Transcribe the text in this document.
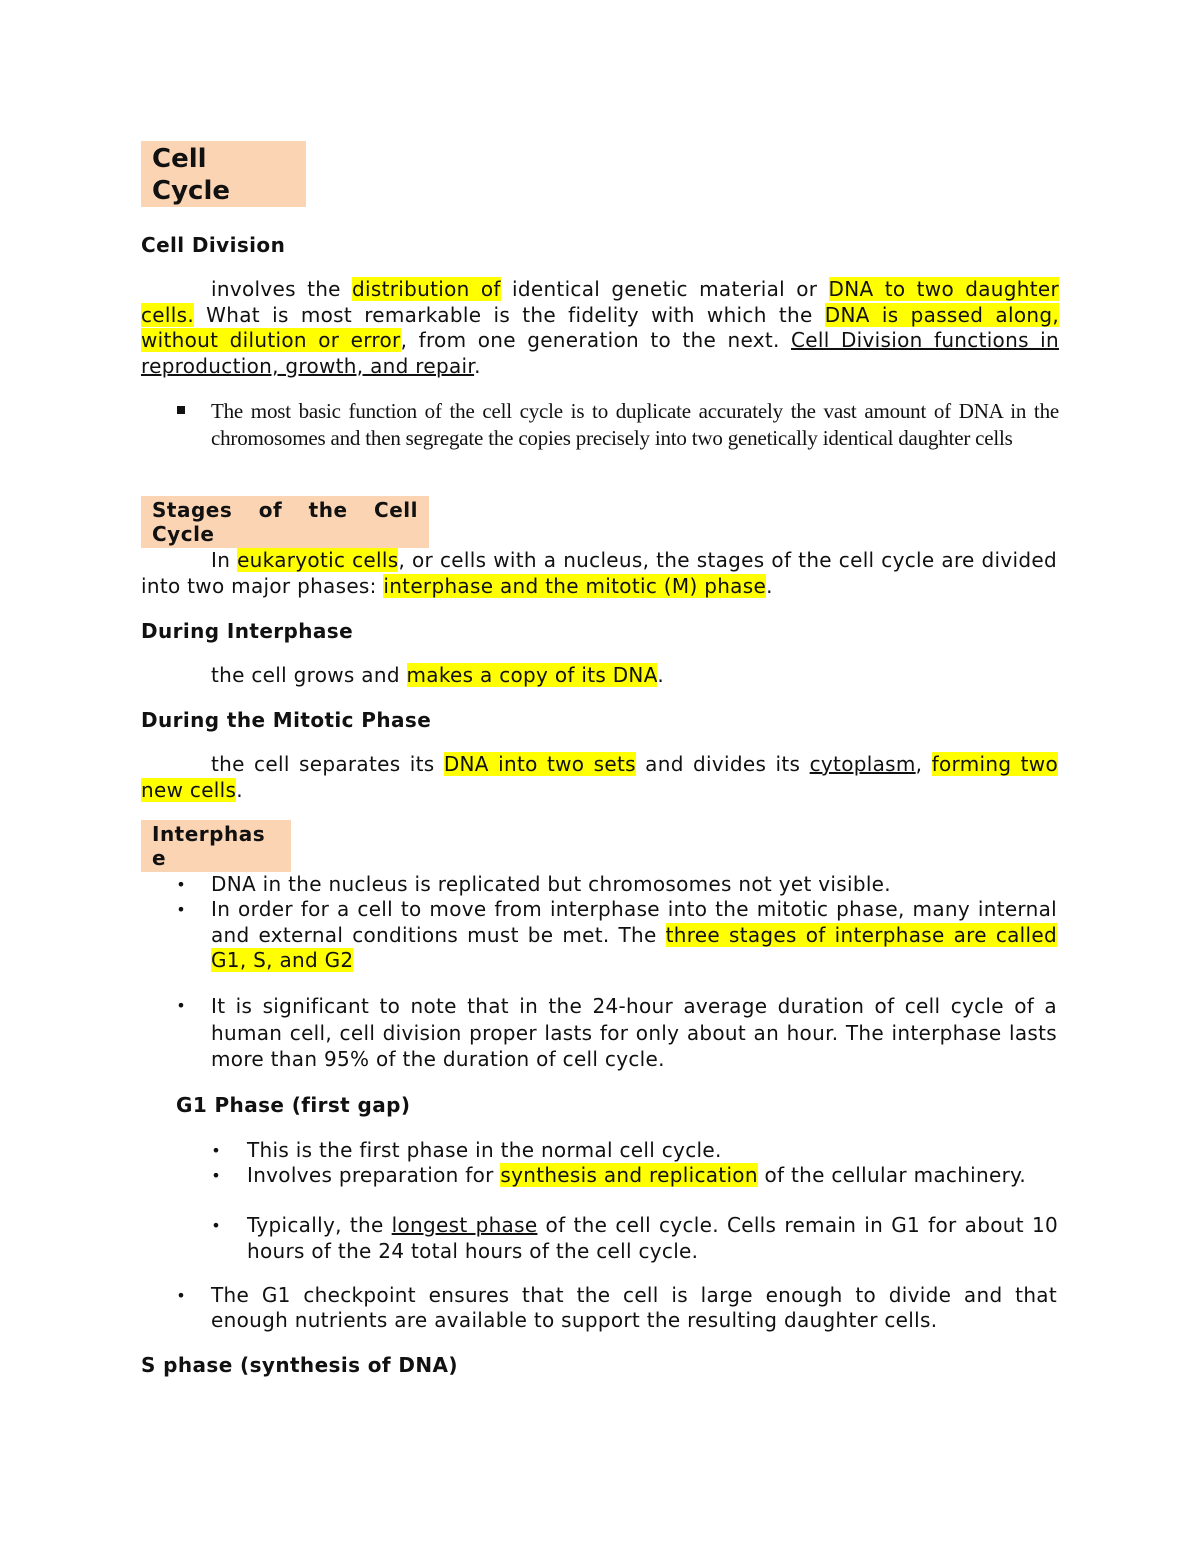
Cell
Cycle
Cell Division
involves the distribution of identical genetic material or DNA to two daughter cells. What is most remarkable is the fidelity with which the DNA is passed along, without dilution or error, from one generation to the next. Cell Division functions in reproduction, growth, and repair.
The most basic function of the cell cycle is to duplicate accurately the vast amount of DNA in the chromosomes and then segregate the copies precisely into two genetically identical daughter cells
Stages of the Cell
Cycle
In eukaryotic cells, or cells with a nucleus, the stages of the cell cycle are divided into two major phases: interphase and the mitotic (M) phase.
During Interphase
the cell grows and makes a copy of its DNA.
During the Mitotic Phase
the cell separates its DNA into two sets and divides its cytoplasm, forming two new cells.
Interphas
e
• DNA in the nucleus is replicated but chromosomes not yet visible.
• In order for a cell to move from interphase into the mitotic phase, many internal and external conditions must be met. The three stages of interphase are called G1, S, and G2
• It is significant to note that in the 24-hour average duration of cell cycle of a human cell, cell division proper lasts for only about an hour. The interphase lasts more than 95% of the duration of cell cycle.
G1 Phase (first gap)
• This is the first phase in the normal cell cycle.
• Involves preparation for synthesis and replication of the cellular machinery.
• Typically, the longest phase of the cell cycle. Cells remain in G1 for about 10 hours of the 24 total hours of the cell cycle.
• The G1 checkpoint ensures that the cell is large enough to divide and that enough nutrients are available to support the resulting daughter cells.
S phase (synthesis of DNA)
